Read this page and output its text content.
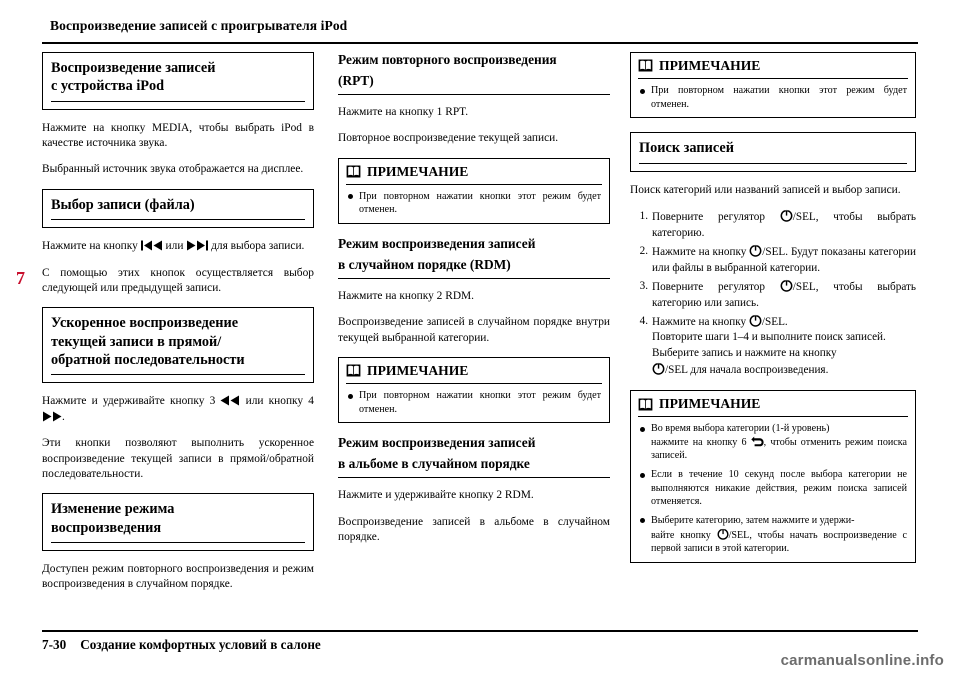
Воспроизведение записей с проигрывателя iPod
7
Воспроизведение записей
с устройства iPod

Нажмите на кнопку MEDIA, чтобы выбрать iPod в качестве источника звука.

Выбранный источник звука отображается на дисплее.

Выбор записи (файла)

Нажмите на кнопку
или
для выбора записи.

С помощью этих кнопок осуществляется выбор следующей или предыдущей записи.

Ускоренное воспроизведение
текущей записи в прямой/
обратной последовательности

Нажмите и удерживайте кнопку 3
или кнопку 4
.

Эти кнопки позволяют выполнить ускоренное воспроизведение текущей записи в прямой/обратной последовательности.

Изменение режима
воспроизведения

Доступен режим повторного воспроизведения и режим воспроизведения в случайном порядке.

Режим повторного воспроизведения
(RPT)

Нажмите на кнопку 1 RPT.

Повторное воспроизведение текущей записи.

ПРИМЕЧАНИЕ
При повторном нажатии кнопки этот режим будет отменен.
Режим воспроизведения записей
в случайном порядке (RDM)

Нажмите на кнопку 2 RDM.

Воспроизведение записей в случайном порядке внутри текущей выбранной категории.

ПРИМЕЧАНИЕ
При повторном нажатии кнопки этот режим будет отменен.
Режим воспроизведения записей
в альбоме в случайном порядке

Нажмите и удерживайте кнопку 2 RDM.

Воспроизведение записей в альбоме в случайном порядке.

ПРИМЕЧАНИЕ
При повторном нажатии кнопки этот режим будет отменен.
Поиск записей

Поиск категорий или названий записей и выбор записи.

Поверните регулятор
/SEL, чтобы выбрать категорию.
Нажмите на кнопку
/SEL. Будут показаны категории или файлы в выбранной категории.
Поверните регулятор
/SEL, чтобы выбрать категорию или запись.
Нажмите на кнопку
/SEL.
Повторите шаги 1–4 и выполните поиск записей.
Выберите запись и нажмите на кнопку
/SEL для начала воспроизведения.
ПРИМЕЧАНИЕ
Во время выбора категории (1-й уровень)
нажмите на кнопку 6
, чтобы отменить режим поиска записей.
Если в течение 10 секунд после выбора категории не выполняются никакие действия, режим поиска записей отменяется.
Выберите категорию, затем нажмите и удержи-
вайте кнопку
/SEL, чтобы начать воспроизведение с первой записи в этой категории.
7-30 Создание комфортных условий в салоне
carmanualsonline.info
